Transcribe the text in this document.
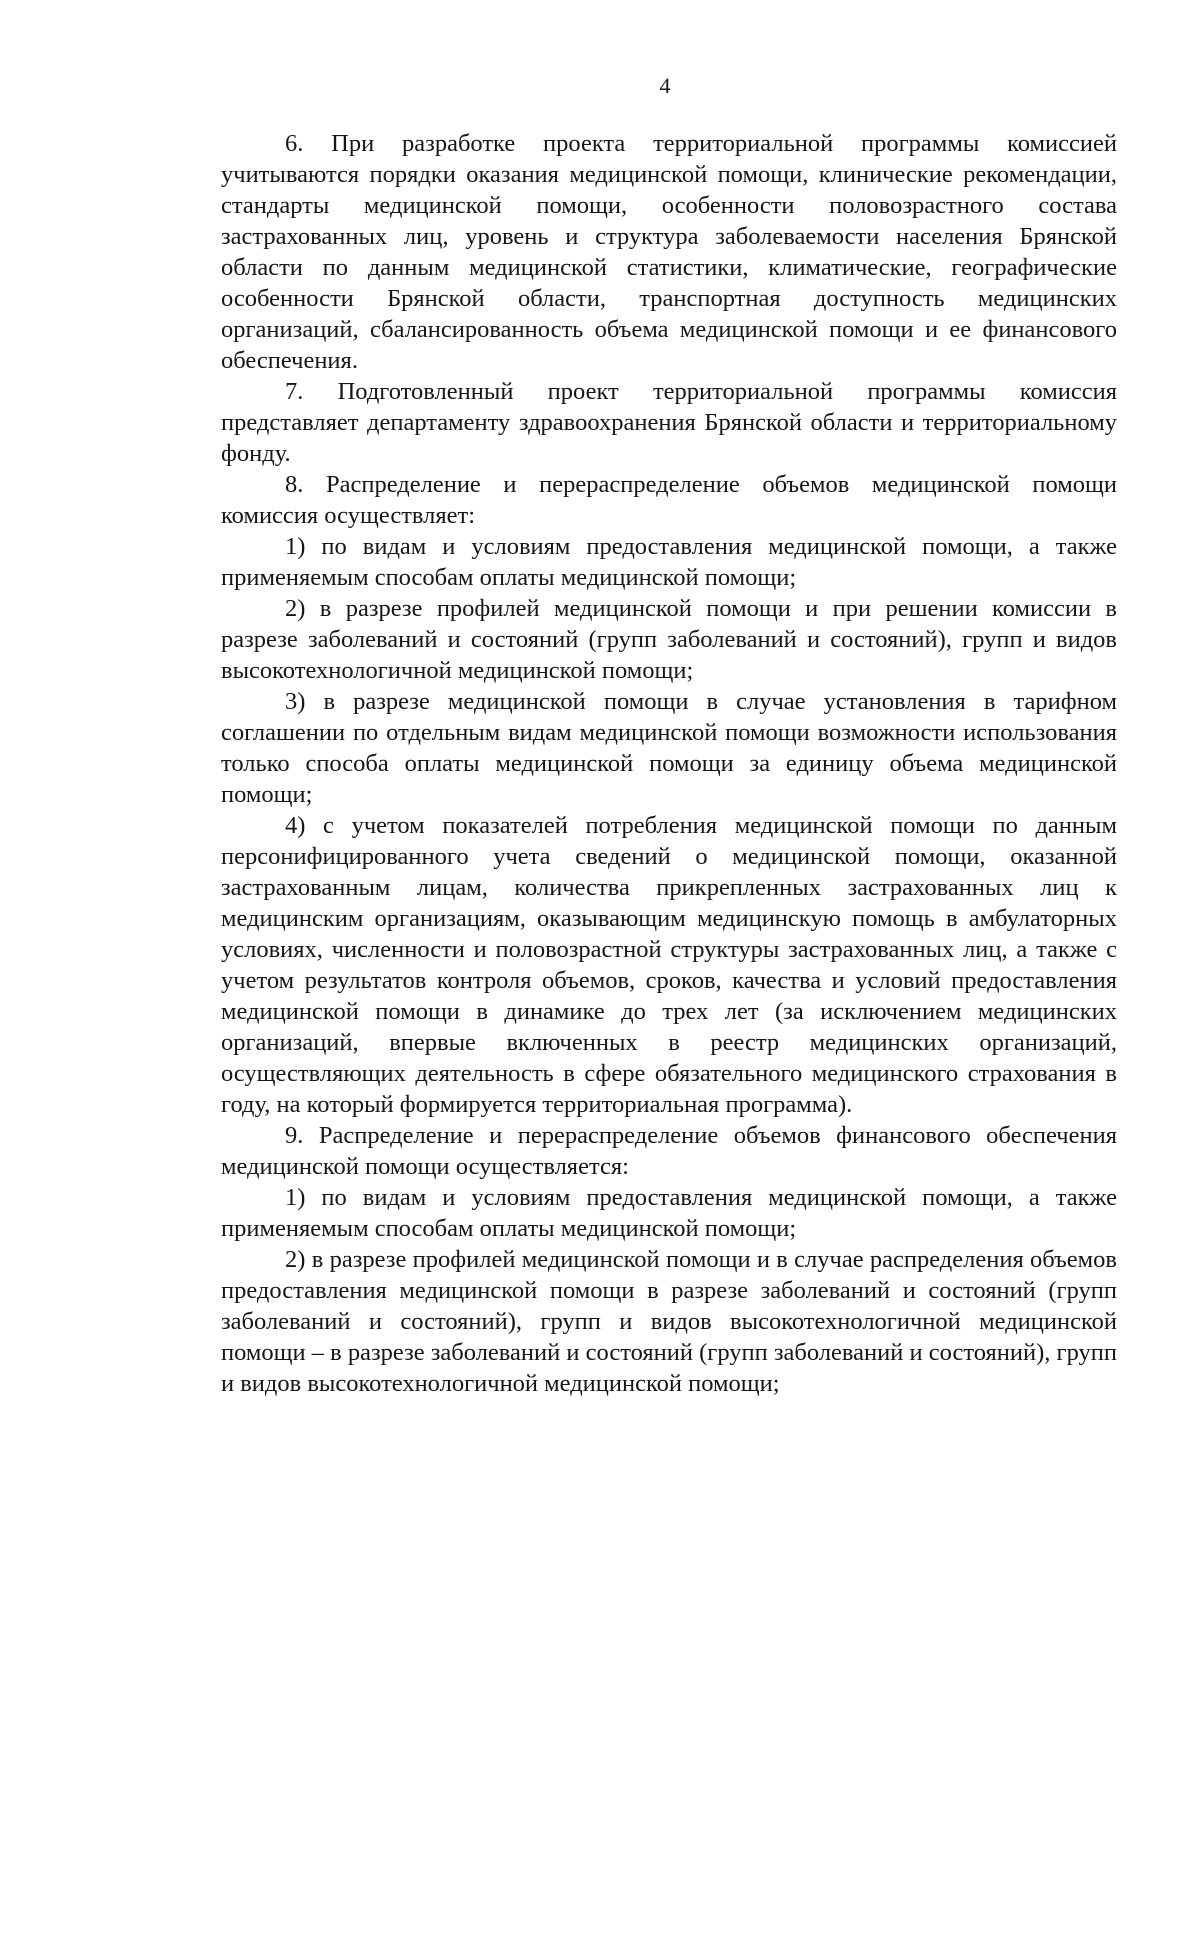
4

6. При разработке проекта территориальной программы комиссией учитываются порядки оказания медицинской помощи, клинические рекомендации, стандарты медицинской помощи, особенности половозрастного состава застрахованных лиц, уровень и структура заболеваемости населения Брянской области по данным медицинской статистики, климатические, географические особенности Брянской области, транспортная доступность медицинских организаций, сбалансированность объема медицинской помощи и ее финансового обеспечения.

7. Подготовленный проект территориальной программы комиссия представляет департаменту здравоохранения Брянской области и территориальному фонду.

8. Распределение и перераспределение объемов медицинской помощи комиссия осуществляет:

1) по видам и условиям предоставления медицинской помощи, а также применяемым способам оплаты медицинской помощи;

2) в разрезе профилей медицинской помощи и при решении комиссии в разрезе заболеваний и состояний (групп заболеваний и состояний), групп и видов высокотехнологичной медицинской помощи;

3) в разрезе медицинской помощи в случае установления в тарифном соглашении по отдельным видам медицинской помощи возможности использования только способа оплаты медицинской помощи за единицу объема медицинской помощи;

4) с учетом показателей потребления медицинской помощи по данным персонифицированного учета сведений о медицинской помощи, оказанной застрахованным лицам, количества прикрепленных застрахованных лиц к медицинским организациям, оказывающим медицинскую помощь в амбулаторных условиях, численности и половозрастной структуры застрахованных лиц, а также с учетом результатов контроля объемов, сроков, качества и условий предоставления медицинской помощи в динамике до трех лет (за исключением медицинских организаций, впервые включенных в реестр медицинских организаций, осуществляющих деятельность в сфере обязательного медицинского страхования в году, на который формируется территориальная программа).

9. Распределение и перераспределение объемов финансового обеспечения медицинской помощи осуществляется:

1) по видам и условиям предоставления медицинской помощи, а также применяемым способам оплаты медицинской помощи;

2) в разрезе профилей медицинской помощи и в случае распределения объемов предоставления медицинской помощи в разрезе заболеваний и состояний (групп заболеваний и состояний), групп и видов высокотехнологичной медицинской помощи – в разрезе заболеваний и состояний (групп заболеваний и состояний), групп и видов высокотехнологичной медицинской помощи;
